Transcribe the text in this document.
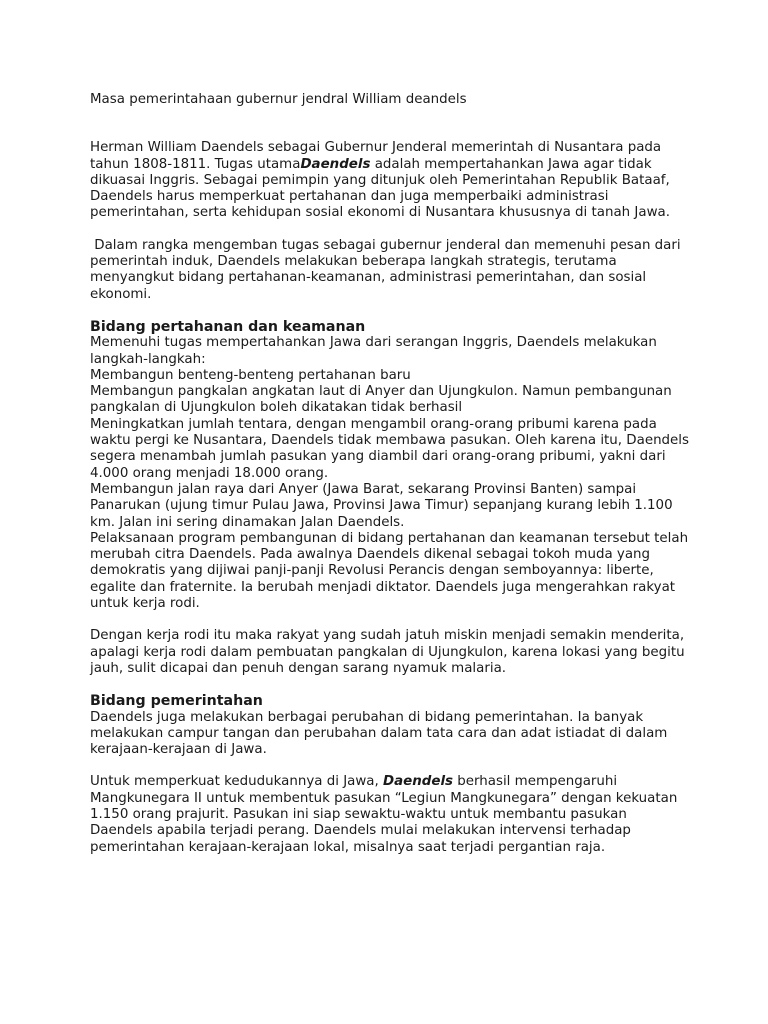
Masa pemerintahaan gubernur jendral William deandels

Herman William Daendels sebagai Gubernur Jenderal memerintah di Nusantara pada tahun 1808-1811. Tugas utamaDaendels adalah mempertahankan Jawa agar tidak dikuasai Inggris. Sebagai pemimpin yang ditunjuk oleh Pemerintahan Republik Bataaf, Daendels harus memperkuat pertahanan dan juga memperbaiki administrasi pemerintahan, serta kehidupan sosial ekonomi di Nusantara khususnya di tanah Jawa.

Dalam rangka mengemban tugas sebagai gubernur jenderal dan memenuhi pesan dari pemerintah induk, Daendels melakukan beberapa langkah strategis, terutama menyangkut bidang pertahanan-keamanan, administrasi pemerintahan, dan sosial ekonomi.

Bidang pertahanan dan keamanan

Memenuhi tugas mempertahankan Jawa dari serangan Inggris, Daendels melakukan langkah-langkah:

Membangun benteng-benteng pertahanan baru

Membangun pangkalan angkatan laut di Anyer dan Ujungkulon. Namun pembangunan pangkalan di Ujungkulon boleh dikatakan tidak berhasil

Meningkatkan jumlah tentara, dengan mengambil orang-orang pribumi karena pada waktu pergi ke Nusantara, Daendels tidak membawa pasukan. Oleh karena itu, Daendels segera menambah jumlah pasukan yang diambil dari orang-orang pribumi, yakni dari 4.000 orang menjadi 18.000 orang.

Membangun jalan raya dari Anyer (Jawa Barat, sekarang Provinsi Banten) sampai Panarukan (ujung timur Pulau Jawa, Provinsi Jawa Timur) sepanjang kurang lebih 1.100 km. Jalan ini sering dinamakan Jalan Daendels.

Pelaksanaan program pembangunan di bidang pertahanan dan keamanan tersebut telah merubah citra Daendels. Pada awalnya Daendels dikenal sebagai tokoh muda yang demokratis yang dijiwai panji-panji Revolusi Perancis dengan semboyannya: liberte, egalite dan fraternite. Ia berubah menjadi diktator. Daendels juga mengerahkan rakyat untuk kerja rodi.

Dengan kerja rodi itu maka rakyat yang sudah jatuh miskin menjadi semakin menderita, apalagi kerja rodi dalam pembuatan pangkalan di Ujungkulon, karena lokasi yang begitu jauh, sulit dicapai dan penuh dengan sarang nyamuk malaria.

Bidang pemerintahan

Daendels juga melakukan berbagai perubahan di bidang pemerintahan. Ia banyak melakukan campur tangan dan perubahan dalam tata cara dan adat istiadat di dalam kerajaan-kerajaan di Jawa.

Untuk memperkuat kedudukannya di Jawa, Daendels berhasil mempengaruhi Mangkunegara II untuk membentuk pasukan “Legiun Mangkunegara” dengan kekuatan 1.150 orang prajurit. Pasukan ini siap sewaktu-waktu untuk membantu pasukan Daendels apabila terjadi perang. Daendels mulai melakukan intervensi terhadap pemerintahan kerajaan-kerajaan lokal, misalnya saat terjadi pergantian raja.
